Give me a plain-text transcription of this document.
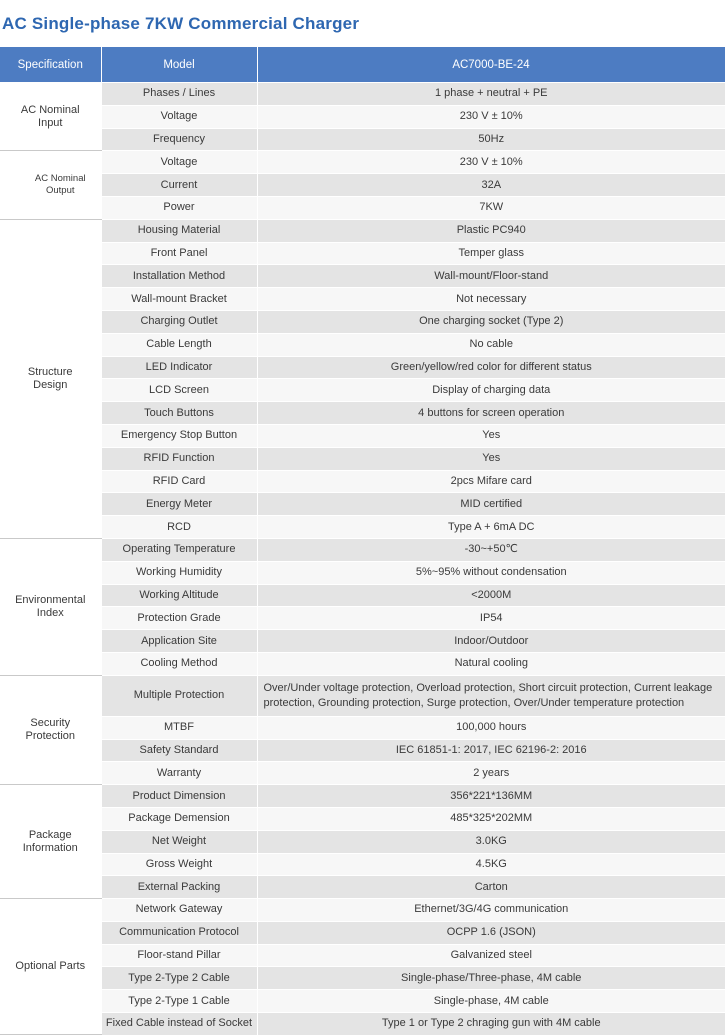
AC Single-phase 7KW Commercial Charger
Specification	Model	AC7000-BE-24
AC Nominal
Input	Phases / Lines	1 phase + neutral + PE
	Voltage	230 V ± 10%
	Frequency	50Hz
AC Nominal
Output	Voltage	230 V ± 10%
	Current	32A
	Power	7KW
Structure
Design	Housing Material	Plastic PC940
	Front Panel	Temper glass
	Installation Method	Wall-mount/Floor-stand
	Wall-mount Bracket	Not necessary
	Charging Outlet	One charging socket (Type 2)
	Cable Length	No cable
	LED Indicator	Green/yellow/red color for different status
	LCD Screen	Display of charging data
	Touch Buttons	4 buttons for screen operation
	Emergency Stop Button	Yes
	RFID Function	Yes
	RFID Card	2pcs Mifare card
	Energy Meter	MID certified
	RCD	Type A + 6mA DC
Environmental
Index	Operating Temperature	-30~+50℃
	Working Humidity	5%~95% without condensation
	Working Altitude	<2000M
	Protection Grade	IP54
	Application Site	Indoor/Outdoor
	Cooling Method	Natural cooling
Security
Protection	Multiple Protection	Over/Under voltage protection, Overload protection, Short circuit protection, Current leakage protection, Grounding protection, Surge protection, Over/Under temperature protection
	MTBF	100,000 hours
	Safety Standard	IEC 61851-1: 2017, IEC 62196-2: 2016
	Warranty	2 years
Package
Information	Product Dimension	356*221*136MM
	Package Demension	485*325*202MM
	Net Weight	3.0KG
	Gross Weight	4.5KG
	External Packing	Carton
Optional Parts	Network Gateway	Ethernet/3G/4G communication
	Communication Protocol	OCPP 1.6 (JSON)
	Floor-stand Pillar	Galvanized steel
	Type 2-Type 2 Cable	Single-phase/Three-phase, 4M cable
	Type 2-Type 1 Cable	Single-phase, 4M cable
	Fixed Cable instead of Socket	Type 1 or Type 2 chraging gun with 4M cable
